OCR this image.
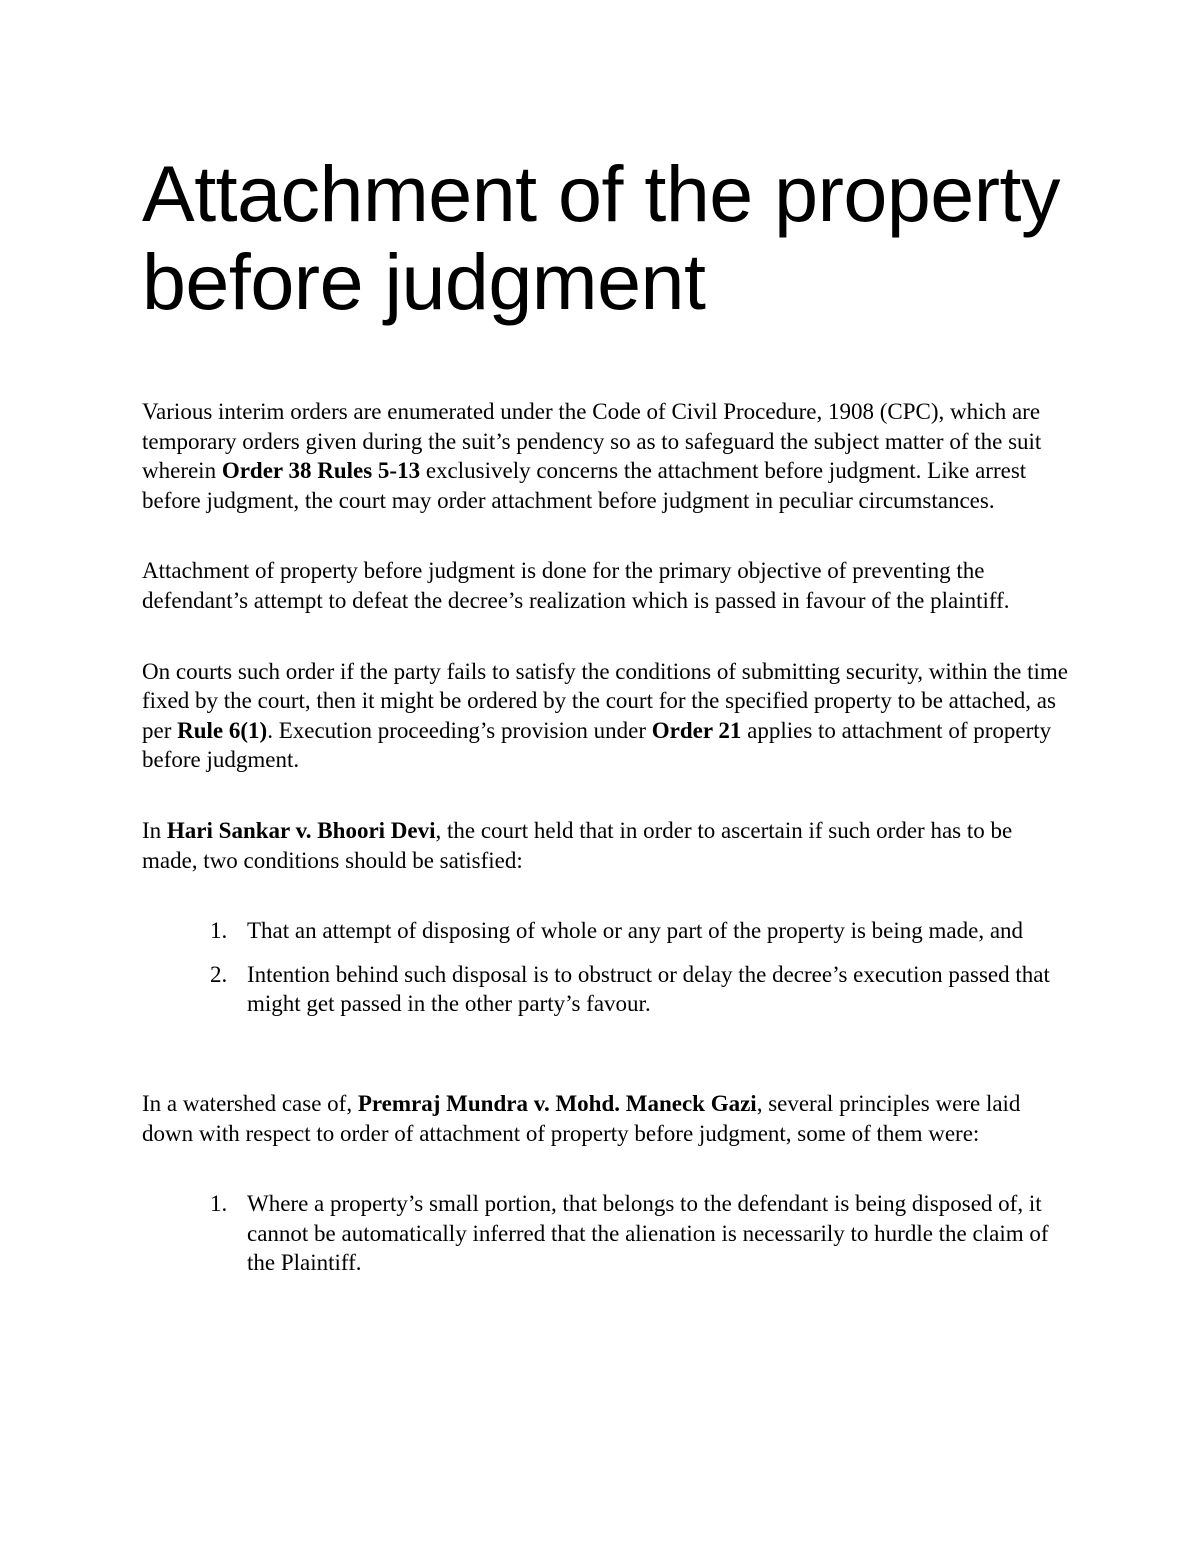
Attachment of the property before judgment

Various interim orders are enumerated under the Code of Civil Procedure, 1908 (CPC), which are temporary orders given during the suit’s pendency so as to safeguard the subject matter of the suit wherein Order 38 Rules 5-13 exclusively concerns the attachment before judgment. Like arrest before judgment, the court may order attachment before judgment in peculiar circumstances.

Attachment of property before judgment is done for the primary objective of preventing the defendant’s attempt to defeat the decree’s realization which is passed in favour of the plaintiff.

On courts such order if the party fails to satisfy the conditions of submitting security, within the time fixed by the court, then it might be ordered by the court for the specified property to be attached, as per Rule 6(1). Execution proceeding’s provision under Order 21 applies to attachment of property before judgment.

In Hari Sankar v. Bhoori Devi, the court held that in order to ascertain if such order has to be made, two conditions should be satisfied:

1. That an attempt of disposing of whole or any part of the property is being made, and
2. Intention behind such disposal is to obstruct or delay the decree’s execution passed that might get passed in the other party’s favour.

In a watershed case of, Premraj Mundra v. Mohd. Maneck Gazi, several principles were laid down with respect to order of attachment of property before judgment, some of them were:

1. Where a property’s small portion, that belongs to the defendant is being disposed of, it cannot be automatically inferred that the alienation is necessarily to hurdle the claim of the Plaintiff.
